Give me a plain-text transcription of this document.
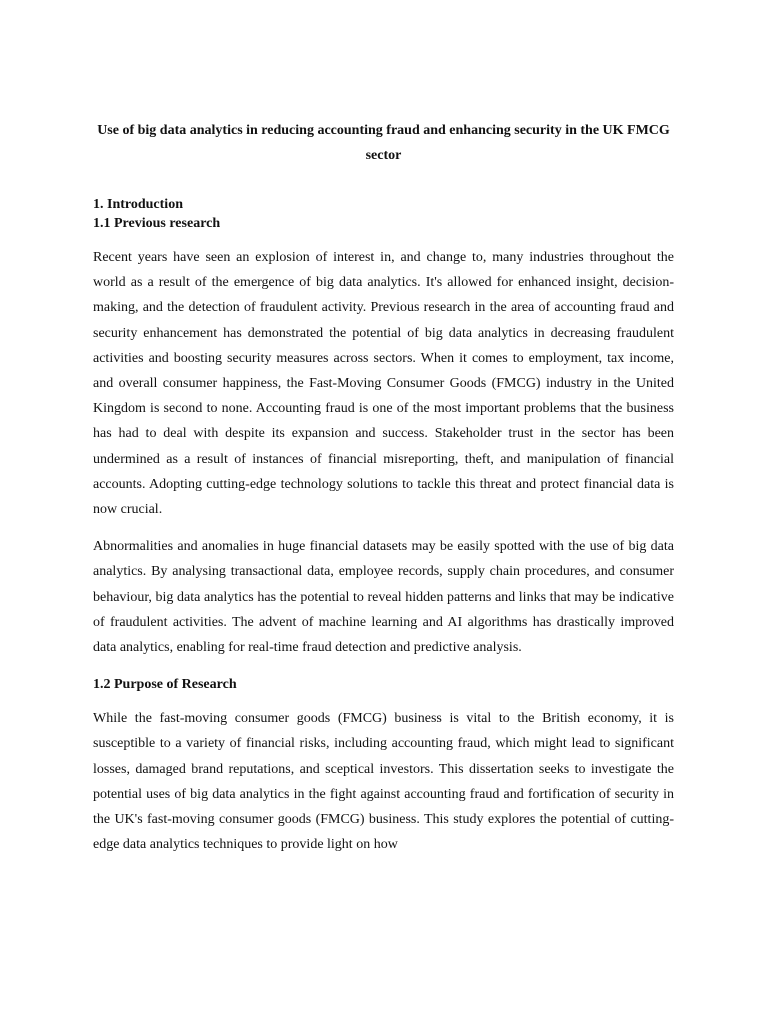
Use of big data analytics in reducing accounting fraud and enhancing security in the UK FMCG sector
1. Introduction
1.1 Previous research

Recent years have seen an explosion of interest in, and change to, many industries throughout the world as a result of the emergence of big data analytics. It's allowed for enhanced insight, decision-making, and the detection of fraudulent activity. Previous research in the area of accounting fraud and security enhancement has demonstrated the potential of big data analytics in decreasing fraudulent activities and boosting security measures across sectors. When it comes to employment, tax income, and overall consumer happiness, the Fast-Moving Consumer Goods (FMCG) industry in the United Kingdom is second to none. Accounting fraud is one of the most important problems that the business has had to deal with despite its expansion and success. Stakeholder trust in the sector has been undermined as a result of instances of financial misreporting, theft, and manipulation of financial accounts. Adopting cutting-edge technology solutions to tackle this threat and protect financial data is now crucial.

Abnormalities and anomalies in huge financial datasets may be easily spotted with the use of big data analytics. By analysing transactional data, employee records, supply chain procedures, and consumer behaviour, big data analytics has the potential to reveal hidden patterns and links that may be indicative of fraudulent activities. The advent of machine learning and AI algorithms has drastically improved data analytics, enabling for real-time fraud detection and predictive analysis.

1.2 Purpose of Research

While the fast-moving consumer goods (FMCG) business is vital to the British economy, it is susceptible to a variety of financial risks, including accounting fraud, which might lead to significant losses, damaged brand reputations, and sceptical investors. This dissertation seeks to investigate the potential uses of big data analytics in the fight against accounting fraud and fortification of security in the UK's fast-moving consumer goods (FMCG) business. This study explores the potential of cutting-edge data analytics techniques to provide light on how
